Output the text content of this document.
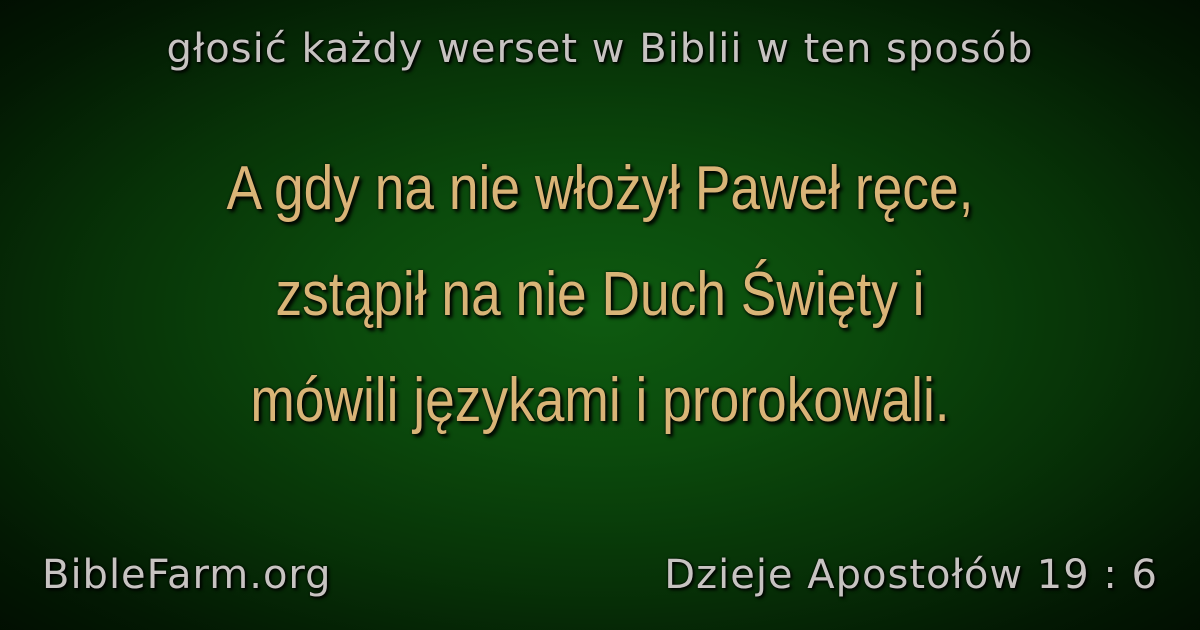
głosić każdy werset w Biblii w ten sposób
A gdy na nie włożył Paweł ręce,
zstąpił na nie Duch Święty i
mówili językami i prorokowali.
BibleFarm.org	Dzieje Apostołów 19 : 6
